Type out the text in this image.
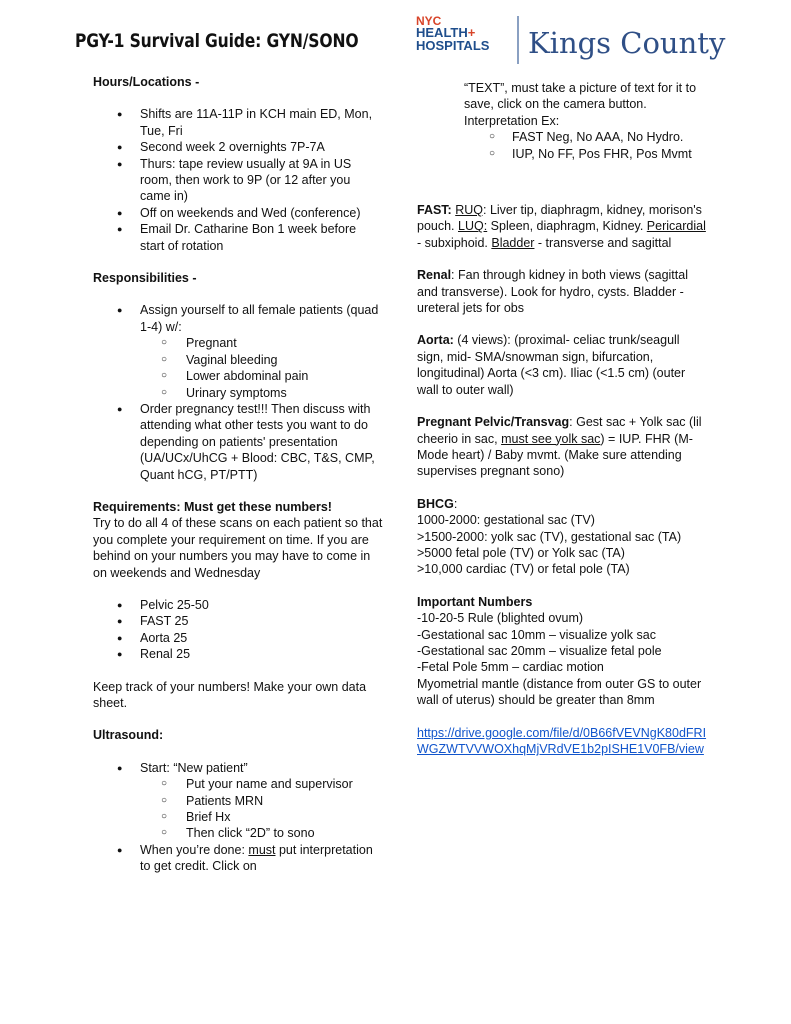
PGY-1 Survival Guide: GYN/SONO
NYC
HEALTH+
HOSPITALS Kings County

Hours/Locations -

● Shifts are 11A-11P in KCH main ED, Mon, Tue, Fri
● Second week 2 overnights 7P-7A
● Thurs: tape review usually at 9A in US room, then work to 9P (or 12 after you came in)
● Off on weekends and Wed (conference)
● Email Dr. Catharine Bon 1 week before start of rotation

Responsibilities -

● Assign yourself to all female patients (quad 1-4) w/:
○ Pregnant
○ Vaginal bleeding
○ Lower abdominal pain
○ Urinary symptoms
● Order pregnancy test!!! Then discuss with attending what other tests you want to do depending on patients' presentation (UA/UCx/UhCG + Blood: CBC, T&S, CMP, Quant hCG, PT/PTT)

Requirements: Must get these numbers!

Try to do all 4 of these scans on each patient so that you complete your requirement on time. If you are behind on your numbers you may have to come in on weekends and Wednesday

● Pelvic 25-50
● FAST 25
● Aorta 25
● Renal 25

Keep track of your numbers! Make your own data sheet.

Ultrasound:

● Start: “New patient”
○ Put your name and supervisor
○ Patients MRN
○ Brief Hx
○ Then click “2D” to sono
● When you’re done: must put interpretation to get credit. Click on

“TEXT”, must take a picture of text for it to save, click on the camera button. Interpretation Ex:

○ FAST Neg, No AAA, No Hydro.
○ IUP, No FF, Pos FHR, Pos Mvmt

FAST: RUQ: Liver tip, diaphragm, kidney, morison's pouch. LUQ: Spleen, diaphragm, Kidney. Pericardial - subxiphoid. Bladder - transverse and sagittal

Renal: Fan through kidney in both views (sagittal and transverse). Look for hydro, cysts. Bladder - ureteral jets for obs

Aorta: (4 views): (proximal- celiac trunk/seagull sign, mid- SMA/snowman sign, bifurcation, longitudinal) Aorta (<3 cm). Iliac (<1.5 cm) (outer wall to outer wall)

Pregnant Pelvic/Transvag: Gest sac + Yolk sac (lil cheerio in sac, must see yolk sac) = IUP. FHR (M-Mode heart) / Baby mvmt. (Make sure attending supervises pregnant sono)

BHCG:

1000-2000: gestational sac (TV)

>1500-2000: yolk sac (TV), gestational sac (TA)

>5000 fetal pole (TV) or Yolk sac (TA)

>10,000 cardiac (TV) or fetal pole (TA)

Important Numbers

-10-20-5 Rule (blighted ovum)

-Gestational sac 10mm – visualize yolk sac

-Gestational sac 20mm – visualize fetal pole

-Fetal Pole 5mm – cardiac motion

Myometrial mantle (distance from outer GS to outer wall of uterus) should be greater than 8mm

https://drive.google.com/file/d/0B66fVEVNgK80dFRIWGZWTVVWOXhqMjVRdVE1b2pISHE1V0FB/view
